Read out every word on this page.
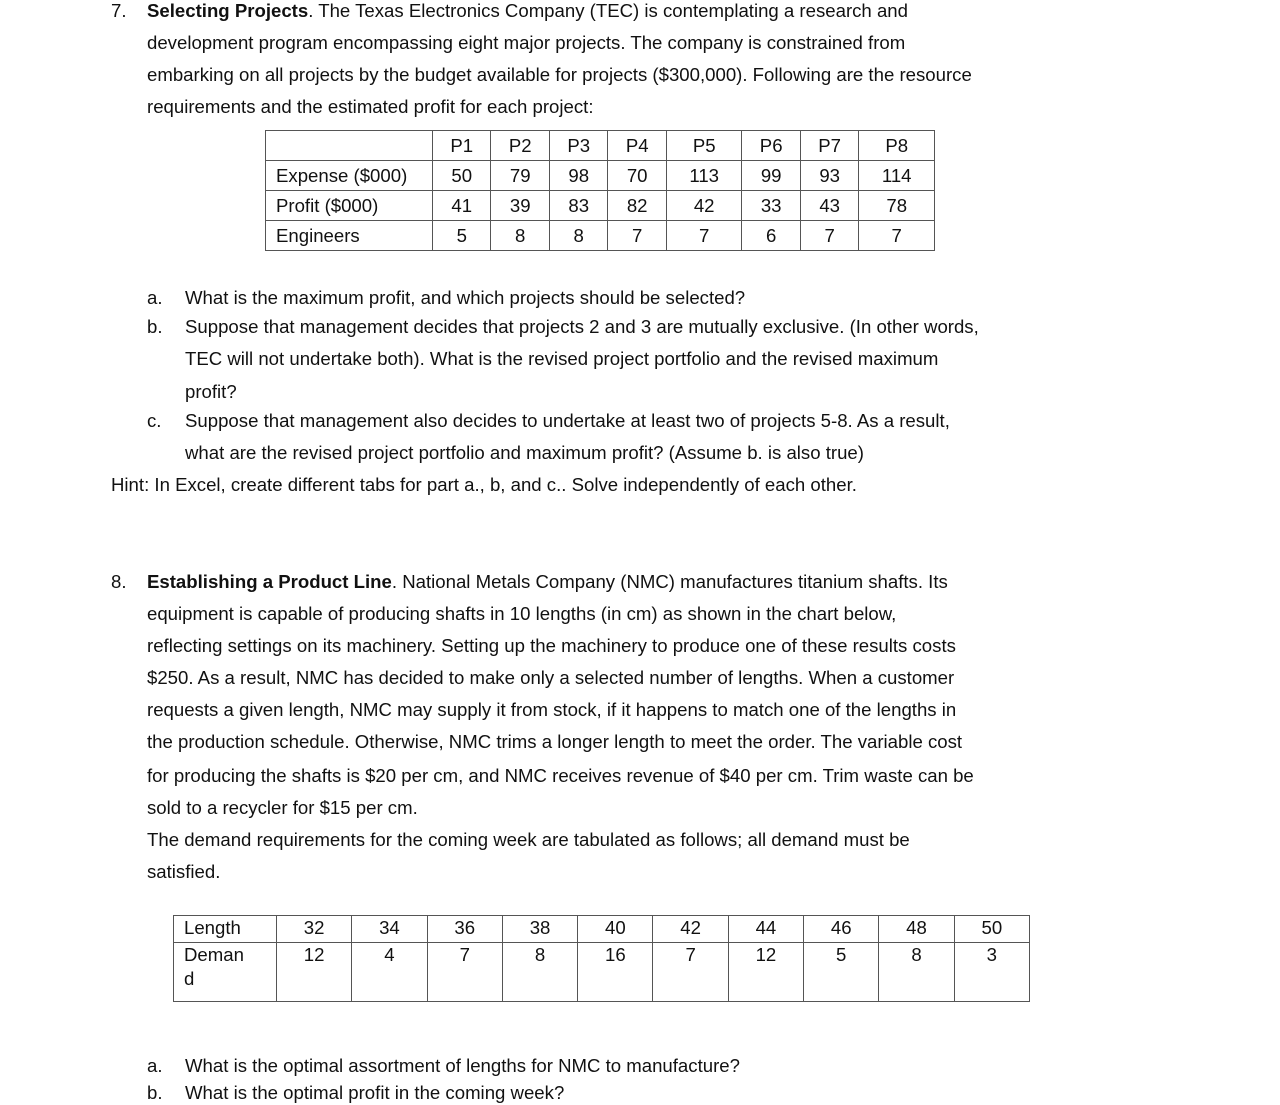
7. Selecting Projects. The Texas Electronics Company (TEC) is contemplating a research and
development program encompassing eight major projects. The company is constrained from
embarking on all projects by the budget available for projects ($300,000). Following are the resource
requirements and the estimated profit for each project:
	P1	P2	P3	P4	P5	P6	P7	P8
Expense ($000)	50	79	98	70	113	99	93	114
Profit ($000)	41	39	83	82	42	33	43	78
Engineers	5	8	8	7	7	6	7	7
a. What is the maximum profit, and which projects should be selected?
b. Suppose that management decides that projects 2 and 3 are mutually exclusive. (In other words,
TEC will not undertake both). What is the revised project portfolio and the revised maximum
profit?
c. Suppose that management also decides to undertake at least two of projects 5-8. As a result,
what are the revised project portfolio and maximum profit? (Assume b. is also true)
Hint: In Excel, create different tabs for part a., b, and c.. Solve independently of each other.
8. Establishing a Product Line. National Metals Company (NMC) manufactures titanium shafts. Its
equipment is capable of producing shafts in 10 lengths (in cm) as shown in the chart below,
reflecting settings on its machinery. Setting up the machinery to produce one of these results costs
$250. As a result, NMC has decided to make only a selected number of lengths. When a customer
requests a given length, NMC may supply it from stock, if it happens to match one of the lengths in
the production schedule. Otherwise, NMC trims a longer length to meet the order. The variable cost
for producing the shafts is $20 per cm, and NMC receives revenue of $40 per cm. Trim waste can be
sold to a recycler for $15 per cm.
The demand requirements for the coming week are tabulated as follows; all demand must be
satisfied.
Length	32	34	36	38	40	42	44	46	48	50
Deman
d	12	4	7	8	16	7	12	5	8	3
a. What is the optimal assortment of lengths for NMC to manufacture?
b. What is the optimal profit in the coming week?
